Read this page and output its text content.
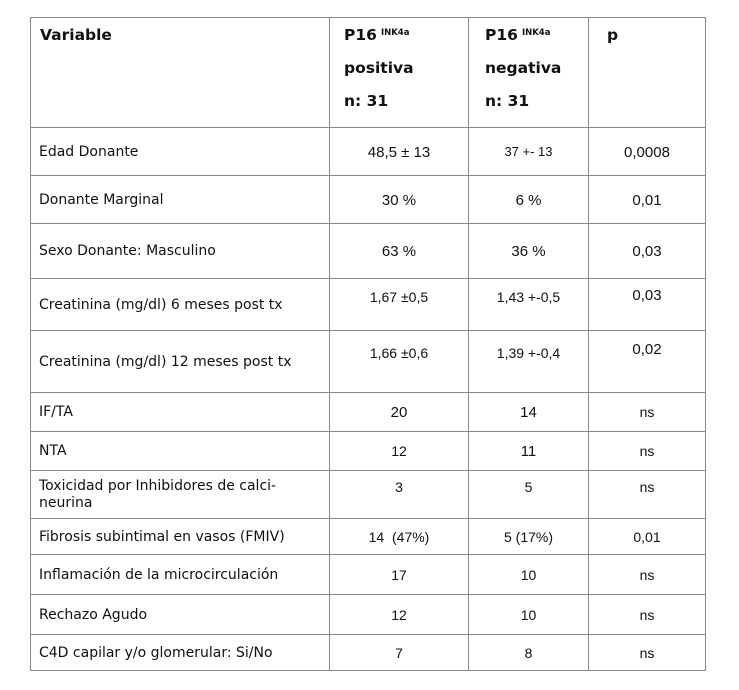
Variable	P16 $^{INK4a}$
positiva
n: 31	P16 $^{INK4a}$
negativa
n: 31	p

Edad Donante	48,5 ± 13	37 +- 13	0,0008
Donante Marginal	30 %	6 %	0,01
Sexo Donante: Masculino	63 %	36 %	0,03
Creatinina (mg/dl) 6 meses post tx	1,67 ±0,5	1,43 +-0,5	0,03
Creatinina (mg/dl) 12 meses post tx	1,66 ±0,6	1,39 +-0,4	0,02
IF/TA	20	14	ns
NTA	12	11	ns
Toxicidad por Inhibidores de calci-neurina	3	5	ns
Fibrosis subintimal en vasos (FMIV)	14  (47%)	5 (17%)	0,01
Inflamación de la microcirculación	17	10	ns
Rechazo Agudo	12	10	ns
C4D capilar y/o glomerular: Si/No	7	8	ns
